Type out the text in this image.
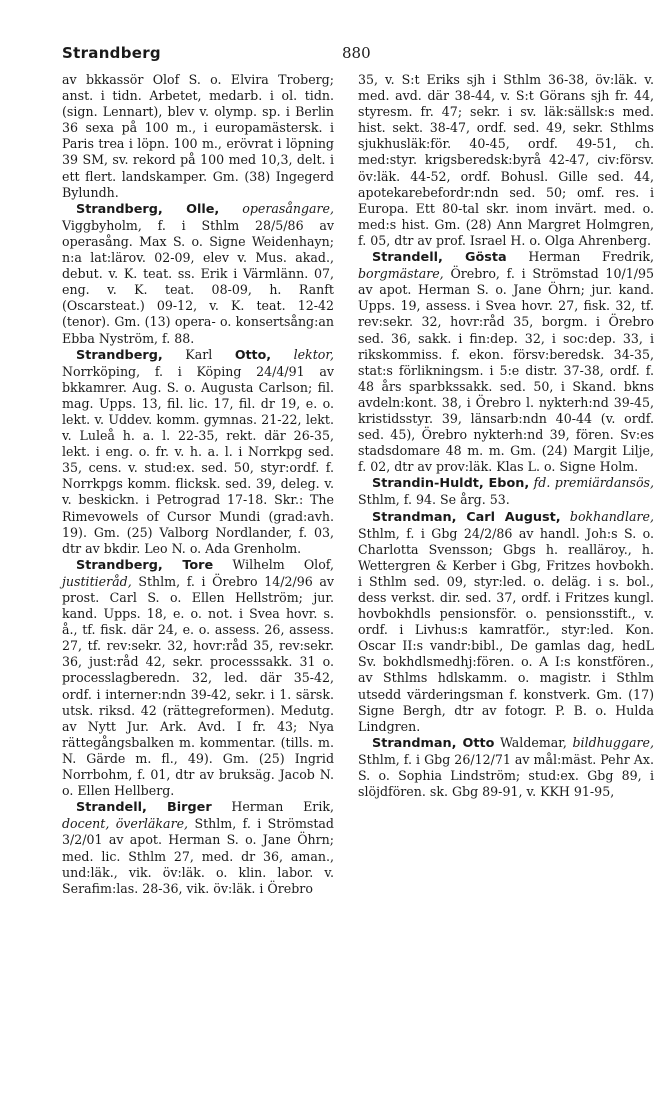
Strandberg	880

av bkkassör Olof S. o. Elvira Troberg; anst. i tidn. Arbetet, medarb. i ol. tidn. (sign. Lennart), blev v. olymp. sp. i Berlin 36 sexa på 100 m., i europamästersk. i Paris trea i löpn. 100 m., erövrat i löpning 39 SM, sv. rekord på 100 med 10,3, delt. i ett flert. landskamper. Gm. (38) Ingegerd Bylundh.

Strandberg, Olle, operasångare, Viggbyholm, f. i Sthlm 28/5/86 av operasång. Max S. o. Signe Weidenhayn; n:a lat:lärov. 02-09, elev v. Mus. akad., debut. v. K. teat. ss. Erik i Värmlänn. 07, eng. v. K. teat. 08-09, h. Ranft (Oscarsteat.) 09-12, v. K. teat. 12-42 (tenor). Gm. (13) opera- o. konsertsång:an Ebba Nyström, f. 88.

Strandberg, Karl Otto, lektor, Norrköping, f. i Köping 24/4/91 av bkkamrer. Aug. S. o. Augusta Carlson; fil. mag. Upps. 13, fil. lic. 17, fil. dr 19, e. o. lekt. v. Uddev. komm. gymnas. 21-22, lekt. v. Luleå h. a. l. 22-35, rekt. där 26-35, lekt. i eng. o. fr. v. h. a. l. i Norrkpg sed. 35, cens. v. stud:ex. sed. 50, styr:ordf. f. Norrkpgs komm. flicksk. sed. 39, deleg. v. v. beskickn. i Petrograd 17-18. Skr.: The Rimevowels of Cursor Mundi (grad:avh. 19). Gm. (25) Valborg Nordlander, f. 03, dtr av bkdir. Leo N. o. Ada Grenholm.

Strandberg, Tore Wilhelm Olof, justitieråd, Sthlm, f. i Örebro 14/2/96 av prost. Carl S. o. Ellen Hellström; jur. kand. Upps. 18, e. o. not. i Svea hovr. s. å., tf. fisk. där 24, e. o. assess. 26, assess. 27, tf. rev:sekr. 32, hovr:råd 35, rev:sekr. 36, just:råd 42, sekr. processsakk. 31 o. processlagberedn. 32, led. där 35-42, ordf. i interner:ndn 39-42, sekr. i 1. särsk. utsk. riksd. 42 (rättegreformen). Medutg. av Nytt Jur. Ark. Avd. I fr. 43; Nya rättegångsbalken m. kommentar. (tills. m. N. Gärde m. fl., 49). Gm. (25) Ingrid Norrbohm, f. 01, dtr av bruksäg. Jacob N. o. Ellen Hellberg.

Strandell, Birger Herman Erik, docent, överläkare, Sthlm, f. i Strömstad 3/2/01 av apot. Herman S. o. Jane Öhrn; med. lic. Sthlm 27, med. dr 36, aman., und:läk., vik. öv:läk. o. klin. labor. v. Serafim:las. 28-36, vik. öv:läk. i Örebro

35, v. S:t Eriks sjh i Sthlm 36-38, öv:läk. v. med. avd. där 38-44, v. S:t Görans sjh fr. 44, styresm. fr. 47; sekr. i sv. läk:sällsk:s med. hist. sekt. 38-47, ordf. sed. 49, sekr. Sthlms sjukhusläk:för. 40-45, ordf. 49-51, ch. med:styr. krigsberedsk:byrå 42-47, civ:försv. öv:läk. 44-52, ordf. Bohusl. Gille sed. 44, apotekarebefordr:ndn sed. 50; omf. res. i Europa. Ett 80-tal skr. inom invärt. med. o. med:s hist. Gm. (28) Ann Margret Holmgren, f. 05, dtr av prof. Israel H. o. Olga Ahrenberg.

Strandell, Gösta Herman Fredrik, borgmästare, Örebro, f. i Strömstad 10/1/95 av apot. Herman S. o. Jane Öhrn; jur. kand. Upps. 19, assess. i Svea hovr. 27, fisk. 32, tf. rev:sekr. 32, hovr:råd 35, borgm. i Örebro sed. 36, sakk. i fin:dep. 32, i soc:dep. 33, i rikskommiss. f. ekon. försv:beredsk. 34-35, stat:s förlikningsm. i 5:e distr. 37-38, ordf. f. 48 års sparbkssakk. sed. 50, i Skand. bkns avdeln:kont. 38, i Örebro l. nykterh:nd 39-45, kristidsstyr. 39, länsarb:ndn 40-44 (v. ordf. sed. 45), Örebro nykterh:nd 39, fören. Sv:es stadsdomare 48 m. m. Gm. (24) Margit Lilje, f. 02, dtr av prov:läk. Klas L. o. Signe Holm.

Strandin-Huldt, Ebon, fd. premiärdansös, Sthlm, f. 94. Se årg. 53.

Strandman, Carl August, bokhandlare, Sthlm, f. i Gbg 24/2/86 av handl. Joh:s S. o. Charlotta Svensson; Gbgs h. realläroy., h. Wettergren & Kerber i Gbg, Fritzes hovbokh. i Sthlm sed. 09, styr:led. o. deläg. i s. bol., dess verkst. dir. sed. 37, ordf. i Fritzes kungl. hovbokhdls pensionsför. o. pensionsstift., v. ordf. i Livhus:s kamratför., styr:led. Kon. Oscar II:s vandr:bibl., De gamlas dag, hedL Sv. bokhdlsmedhj:fören. o. A I:s konstfören., av Sthlms hdlskamm. o. magistr. i Sthlm utsedd värderingsman f. konstverk. Gm. (17) Signe Bergh, dtr av fotogr. P. B. o. Hulda Lindgren.

Strandman, Otto Waldemar, bildhuggare, Sthlm, f. i Gbg 26/12/71 av mål:mäst. Pehr Ax. S. o. Sophia Lindström; stud:ex. Gbg 89, i slöjdfören. sk. Gbg 89-91, v. KKH 91-95,
